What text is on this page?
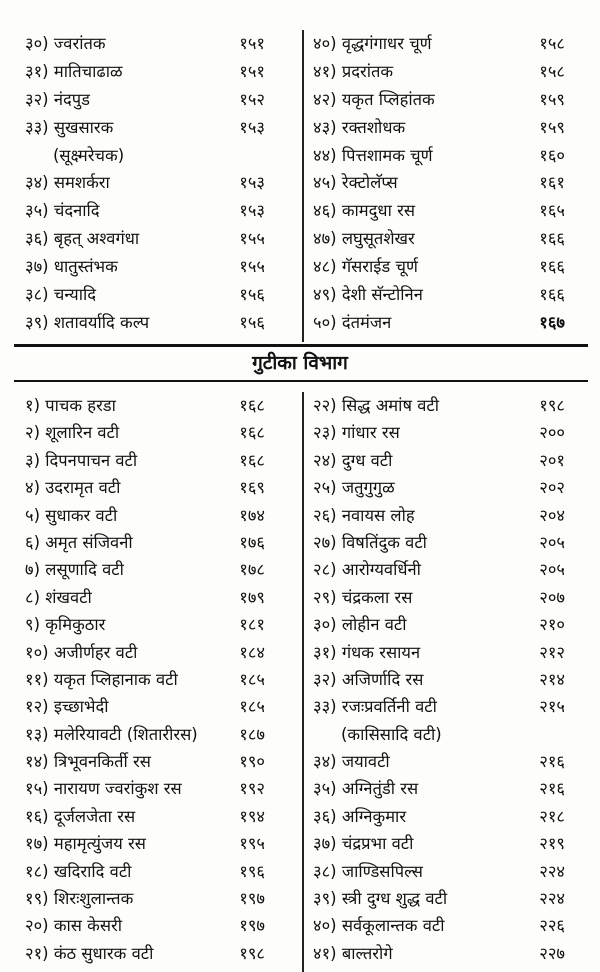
३०) ज्वरांतक	१५१
३१) मातिचाढाळ	१५१
३२) नंदपुड	१५२
३३) सुखसारक	१५३
(सूक्ष्मरेचक)
३४) समशर्करा	१५३
३५) चंदनादि	१५३
३६) बृहत् अश्वगंधा	१५५
३७) धातुस्तंभक	१५५
३८) चन्यादि	१५६
३९) शतावर्यादि कल्प	१५६
४०) वृद्धगंगाधर चूर्ण	१५८
४१) प्रदरांतक	१५८
४२) यकृत प्लिहांतक	१५९
४३) रक्तशोधक	१५९
४४) पित्तशामक चूर्ण	१६०
४५) रेक्टोलॅप्स	१६१
४६) कामदुधा रस	१६५
४७) लघुसूतशेखर	१६६
४८) गॅसराईड चूर्ण	१६६
४९) देशी सॅन्टोनिन	१६६
५०) दंतमंजन	१६७
गुटीका विभाग
१) पाचक हरडा	१६८
२) शूलारिन वटी	१६८
३) दिपनपाचन वटी	१६८
४) उदरामृत वटी	१६९
५) सुधाकर वटी	१७४
६) अमृत संजिवनी	१७६
७) लसूणादि वटी	१७८
८) शंखवटी	१७९
९) कृमिकुठार	१८१
१०) अजीर्णहर वटी	१८४
११) यकृत प्लिहानाक वटी	१८५
१२) इच्छाभेदी	१८५
१३) मलेरियावटी (शितारीरस)	१८७
१४) त्रिभूवनकिर्ती रस	१९०
१५) नारायण ज्वरांकुश रस	१९२
१६) दूर्जलजेता रस	१९४
१७) महामृत्युंजय रस	१९५
१८) खदिरादि वटी	१९६
१९) शिरःशुलान्तक	१९७
२०) कास केसरी	१९७
२१) कंठ सुधारक वटी	१९८
२२) सिद्ध अमांष वटी	१९८
२३) गांधार रस	२००
२४) दुग्ध वटी	२०१
२५) जतुगुगुळ	२०२
२६) नवायस लोह	२०४
२७) विषतिंदुक वटी	२०५
२८) आरोग्यवर्धिनी	२०५
२९) चंद्रकला रस	२०७
३०) लोहीन वटी	२१०
३१) गंधक रसायन	२१२
३२) अजिर्णादि रस	२१४
३३) रजःप्रवर्तिनी वटी	२१५
(कासिसादि वटी)
३४) जयावटी	२१६
३५) अग्नितुंडी रस	२१६
३६) अग्निकुमार	२१८
३७) चंद्रप्रभा वटी	२१९
३८) जाण्डिसपिल्स	२२४
३९) स्त्री दुग्ध शुद्ध वटी	२२४
४०) सर्वकूलान्तक वटी	२२६
४१) बाल्तरोगे	२२७
